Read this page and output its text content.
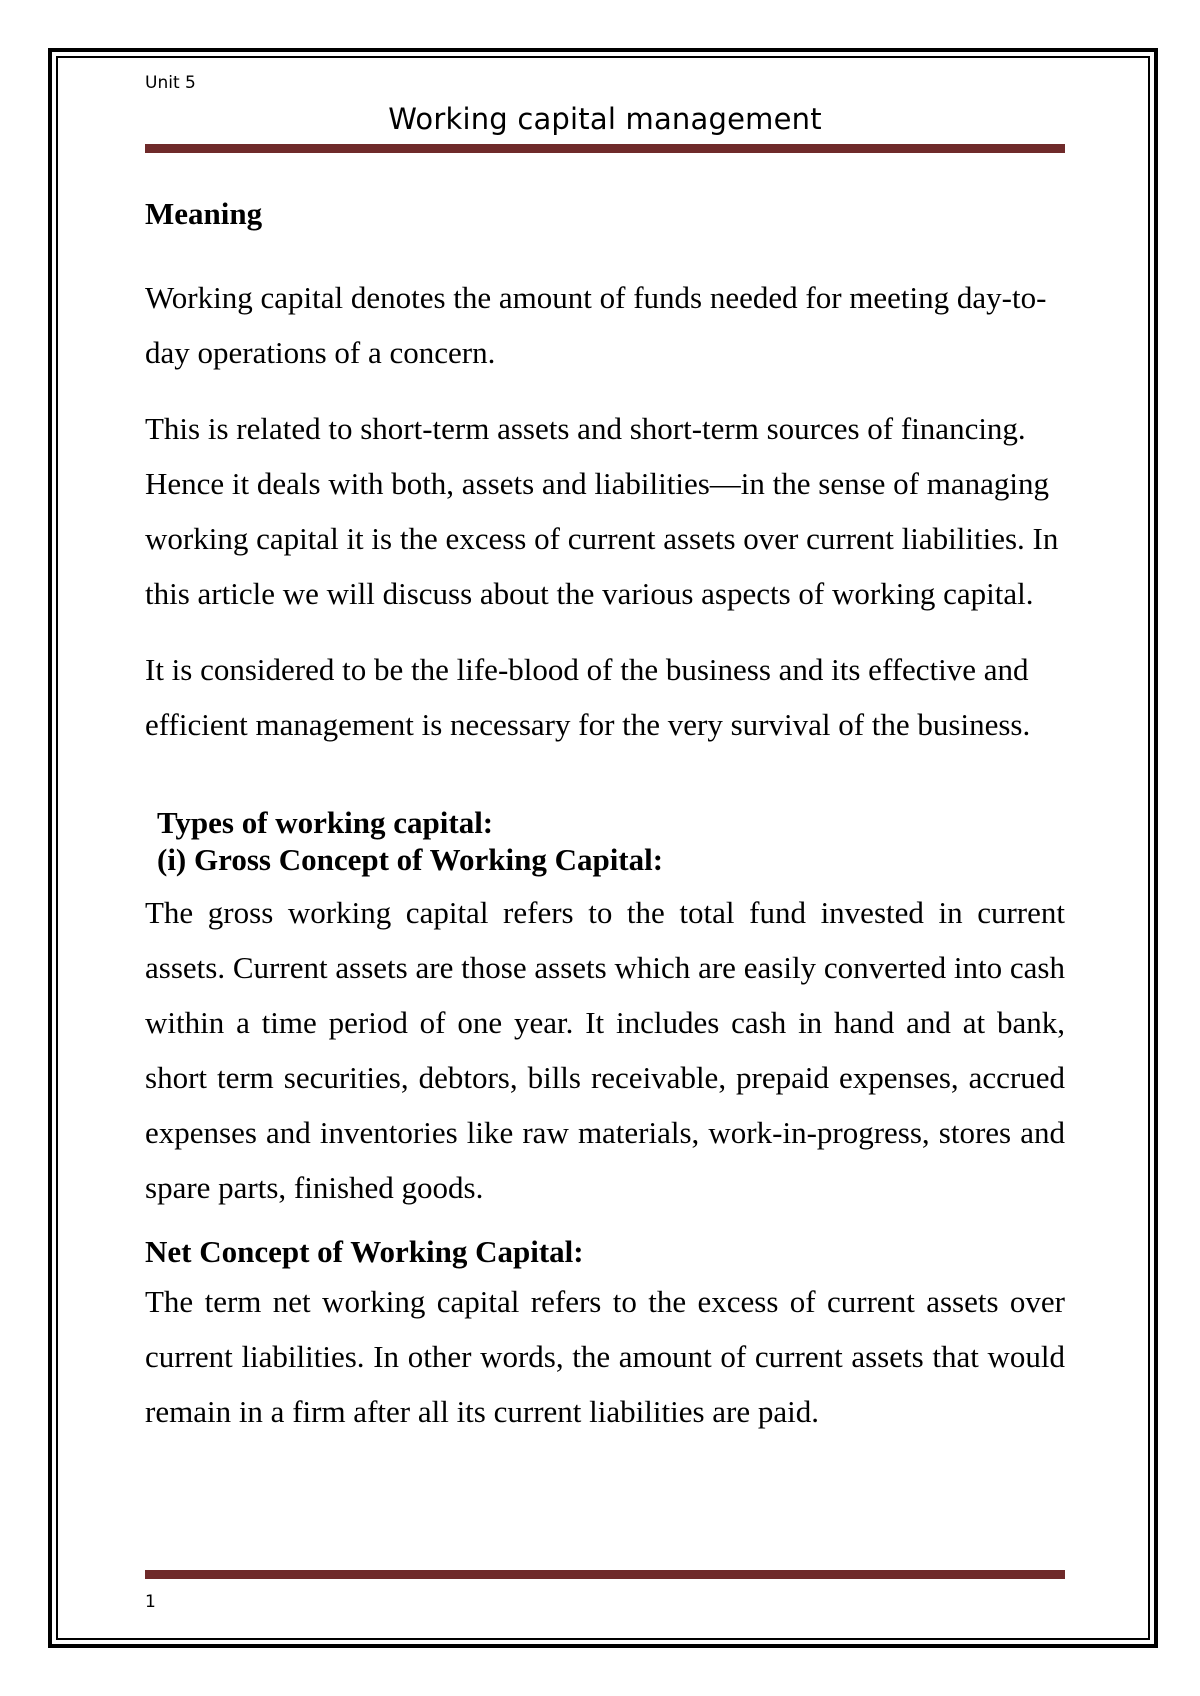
Unit 5
Working capital management

Meaning

Working capital denotes the amount of funds needed for meeting day-to-day operations of a concern.

This is related to short-term assets and short-term sources of financing. Hence it deals with both, assets and liabilities—in the sense of managing working capital it is the excess of current assets over current liabilities. In this article we will discuss about the various aspects of working capital.

It is considered to be the life-blood of the business and its effective and efficient management is necessary for the very survival of the business.

Types of working capital:

(i) Gross Concept of Working Capital:

The gross working capital refers to the total fund invested in current assets. Current assets are those assets which are easily converted into cash within a time period of one year. It includes cash in hand and at bank, short term securities, debtors, bills receivable, prepaid expenses, accrued expenses and inventories like raw materials, work-in-progress, stores and spare parts, finished goods.

Net Concept of Working Capital:

The term net working capital refers to the excess of current assets over current liabilities. In other words, the amount of current assets that would remain in a firm after all its current liabilities are paid.

1
